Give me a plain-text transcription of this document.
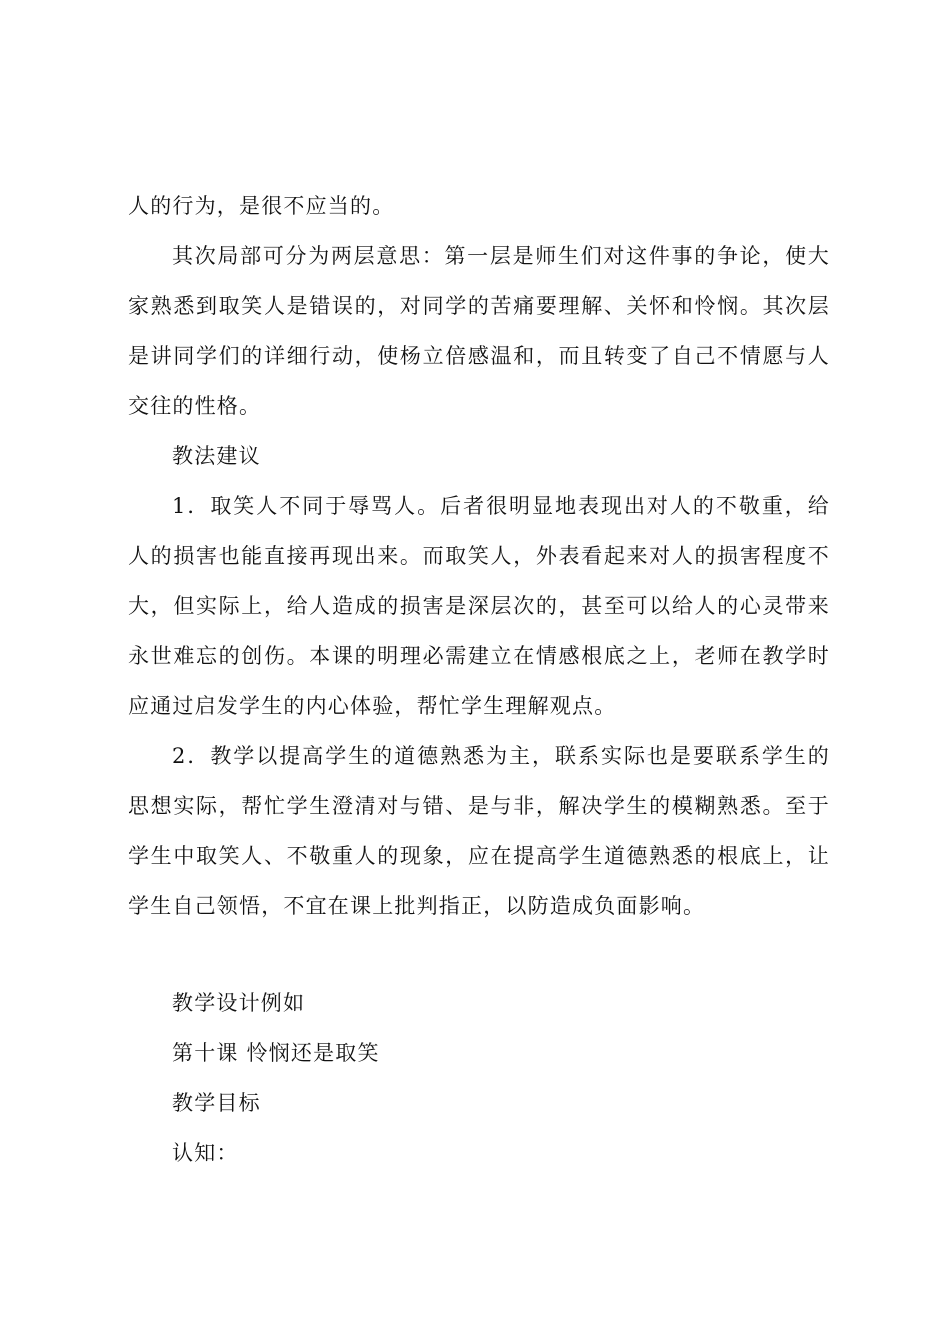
人的行为，是很不应当的。

其次局部可分为两层意思：第一层是师生们对这件事的争论，使大家熟悉到取笑人是错误的，对同学的苦痛要理解、关怀和怜悯。其次层是讲同学们的详细行动，使杨立倍感温和，而且转变了自己不情愿与人交往的性格。

教法建议

1．取笑人不同于辱骂人。后者很明显地表现出对人的不敬重，给人的损害也能直接再现出来。而取笑人，外表看起来对人的损害程度不大，但实际上，给人造成的损害是深层次的，甚至可以给人的心灵带来永世难忘的创伤。本课的明理必需建立在情感根底之上，老师在教学时应通过启发学生的内心体验，帮忙学生理解观点。

2．教学以提高学生的道德熟悉为主，联系实际也是要联系学生的思想实际，帮忙学生澄清对与错、是与非，解决学生的模糊熟悉。至于学生中取笑人、不敬重人的现象，应在提高学生道德熟悉的根底上，让学生自己领悟，不宜在课上批判指正，以防造成负面影响。

教学设计例如

第十课 怜悯还是取笑

教学目标

认知：
